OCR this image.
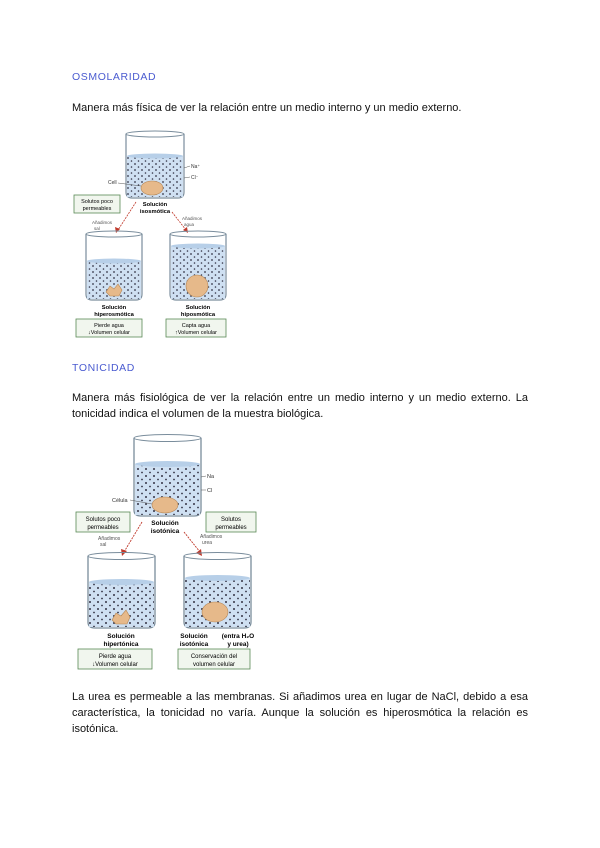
OSMOLARIDAD
Manera más física de ver la relación entre un medio interno y un medio externo.
Na⁺
Cl⁻
Cell
Solutos poco
permeables
Solución
isosmótica
Añadimos
sal
Añadimos
agua
Solución
hiperosmótica
Solución
hiposmótica
Pierde agua
↓Volumen celular
Capta agua
↑Volumen celular
TONICIDAD
Manera más fisiológica de ver la relación entre un medio interno y un medio externo. La tonicidad indica el volumen de la muestra biológica.
Na
Cl
Célula
Solutos poco
permeables
Solutos
permeables
Solución
isotónica
Añadimos
sal
Añadimos
urea
Solución
hipertónica
Solución
isotónica
(entra H₂O
y urea)
Pierde agua
↓Volumen celular
Conservación del
volumen celular
La urea es permeable a las membranas. Si añadimos urea en lugar de NaCl, debido a esa característica, la tonicidad no varía. Aunque la solución es hiperosmótica la relación es isotónica.
